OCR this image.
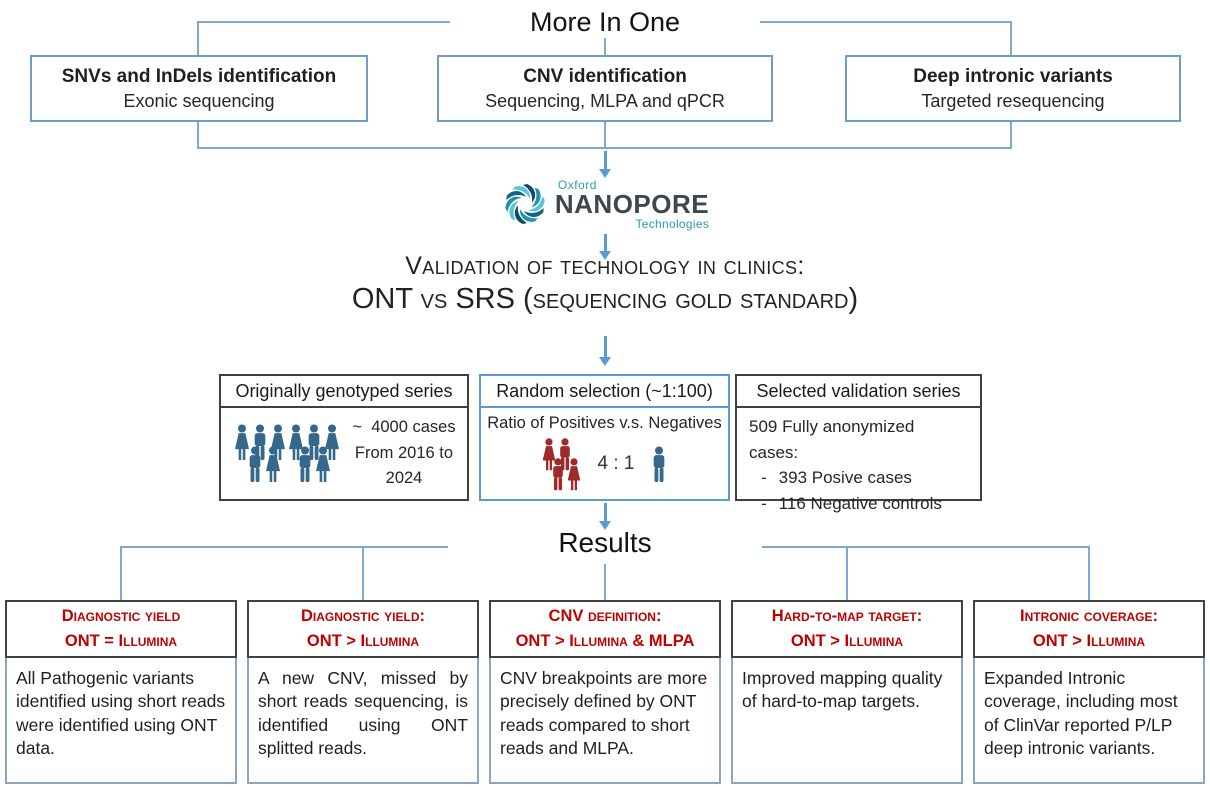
More In One
SNVs and InDels identification
Exonic sequencing
CNV identification
Sequencing, MLPA and qPCR
Deep intronic variants
Targeted resequencing
Oxford
NANOPORE
Technologies
Validation of technology in clinics:
ONT vs SRS (sequencing gold standard)
Originally genotyped series
~  4000 cases
From 2016 to 2024
Random selection (~1:100)
Ratio of Positives v.s. Negatives
4 : 1
Selected validation series
509 Fully anonymized cases:
- 393 Posive cases
- 116 Negative controls
Results
Diagnostic yield
ONT = Illumina
All Pathogenic variants identified using short reads were identified using ONT data.
Diagnostic yield:
ONT > Illumina
A new CNV, missed by short reads sequencing, is identified using ONT splitted reads.
CNV definition:
ONT > Illumina & MLPA
CNV breakpoints are more precisely defined by ONT reads compared to short reads and MLPA.
Hard-to-map target:
ONT > Illumina
Improved mapping quality of hard-to-map targets.
Intronic coverage:
ONT > Illumina
Expanded Intronic coverage, including most of ClinVar reported P/LP deep intronic variants.
